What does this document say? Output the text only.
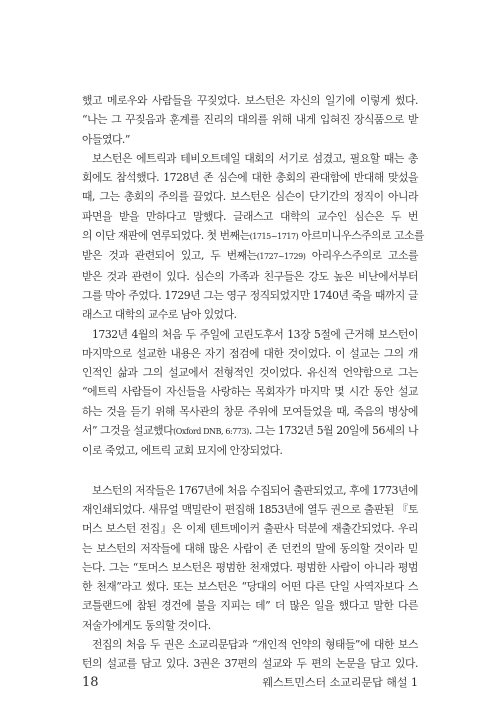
했고 메로우와 사람들을 꾸짖었다. 보스턴은 자신의 일기에 이렇게 썼다.
“나는 그 꾸짖음과 훈계를 진리의 대의를 위해 내게 입혀진 장식품으로 받
아들였다.”
보스턴은 에트릭과 테비오트데일 대회의 서기로 섬겼고, 필요할 때는 총
회에도 참석했다. 1728년 존 심슨에 대한 총회의 관대함에 반대해 맞섰을
때, 그는 총회의 주의를 끌었다. 보스턴은 심슨이 단기간의 정직이 아니라
파면을 받을 만하다고 말했다. 글래스고 대학의 교수인 심슨은 두 번
의 이단 재판에 연루되었다. 첫 번째는(1715~1717) 아르미니우스주의로 고소를
받은 것과 관련되어 있고, 두 번째는(1727~1729) 아리우스주의로 고소를
받은 것과 관련이 있다. 심슨의 가족과 친구들은 강도 높은 비난에서부터
그를 막아 주었다. 1729년 그는 영구 정직되었지만 1740년 죽을 때까지 글
래스고 대학의 교수로 남아 있었다.
1732년 4월의 처음 두 주일에 고린도후서 13장 5절에 근거해 보스턴이
마지막으로 설교한 내용은 자기 점검에 대한 것이었다. 이 설교는 그의 개
인적인 삶과 그의 설교에서 전형적인 것이었다. 유신적 언약함으로 그는
“에트릭 사람들이 자신들을 사랑하는 목회자가 마지막 몇 시간 동안 설교
하는 것을 듣기 위해 목사관의 창문 주위에 모여들었을 때, 죽음의 병상에
서” 그것을 설교했다(Oxford DNB, 6:773). 그는 1732년 5월 20일에 56세의 나
이로 죽었고, 에트릭 교회 묘지에 안장되었다.
보스턴의 저작들은 1767년에 처음 수집되어 출판되었고, 후에 1773년에
재인쇄되었다. 새뮤얼 맥밀란이 편집해 1853년에 열두 권으로 출판된 『토
머스 보스턴 전집』은 이제 텐트메이커 출판사 덕분에 재출간되었다. 우리
는 보스턴의 저작들에 대해 많은 사람이 존 던컨의 말에 동의할 것이라 믿
는다. 그는 “토머스 보스턴은 평범한 천재였다. 평범한 사람이 아니라 평범
한 천재”라고 썼다. 또는 보스턴은 “당대의 어떤 다른 단일 사역자보다 스
코틀랜드에 참된 경건에 불을 지피는 데” 더 많은 일을 했다고 말한 다른
저술가에게도 동의할 것이다.
전집의 처음 두 권은 소교리문답과 “개인적 언약의 형태들”에 대한 보스
턴의 설교를 담고 있다. 3권은 37편의 설교와 두 편의 논문을 담고 있다.
18	웨스트민스터 소교리문답 해설 1
